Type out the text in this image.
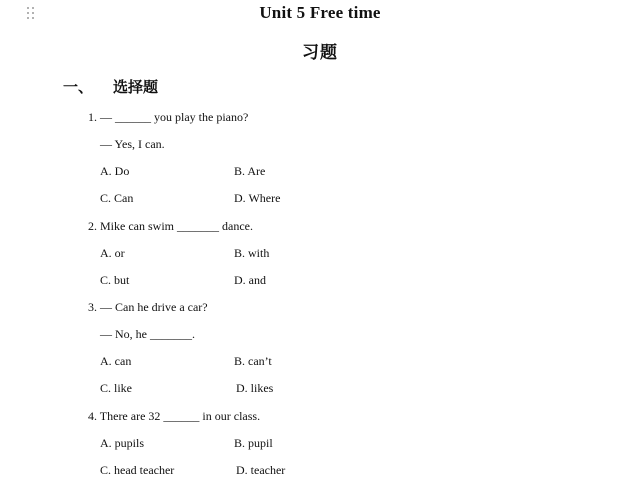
Unit 5 Free time
习题
一、 选择题
1. — ______ you play the piano?
— Yes, I can.
A. Do	B. Are
C. Can	D. Where
2. Mike can swim _______ dance.
A. or	B. with
C. but	D. and
3. — Can he drive a car?
— No, he _______.
A. can	B. can’t
C. like	D. likes
4. There are 32 ______ in our class.
A. pupils	B. pupil
C. head teacher	D. teacher
